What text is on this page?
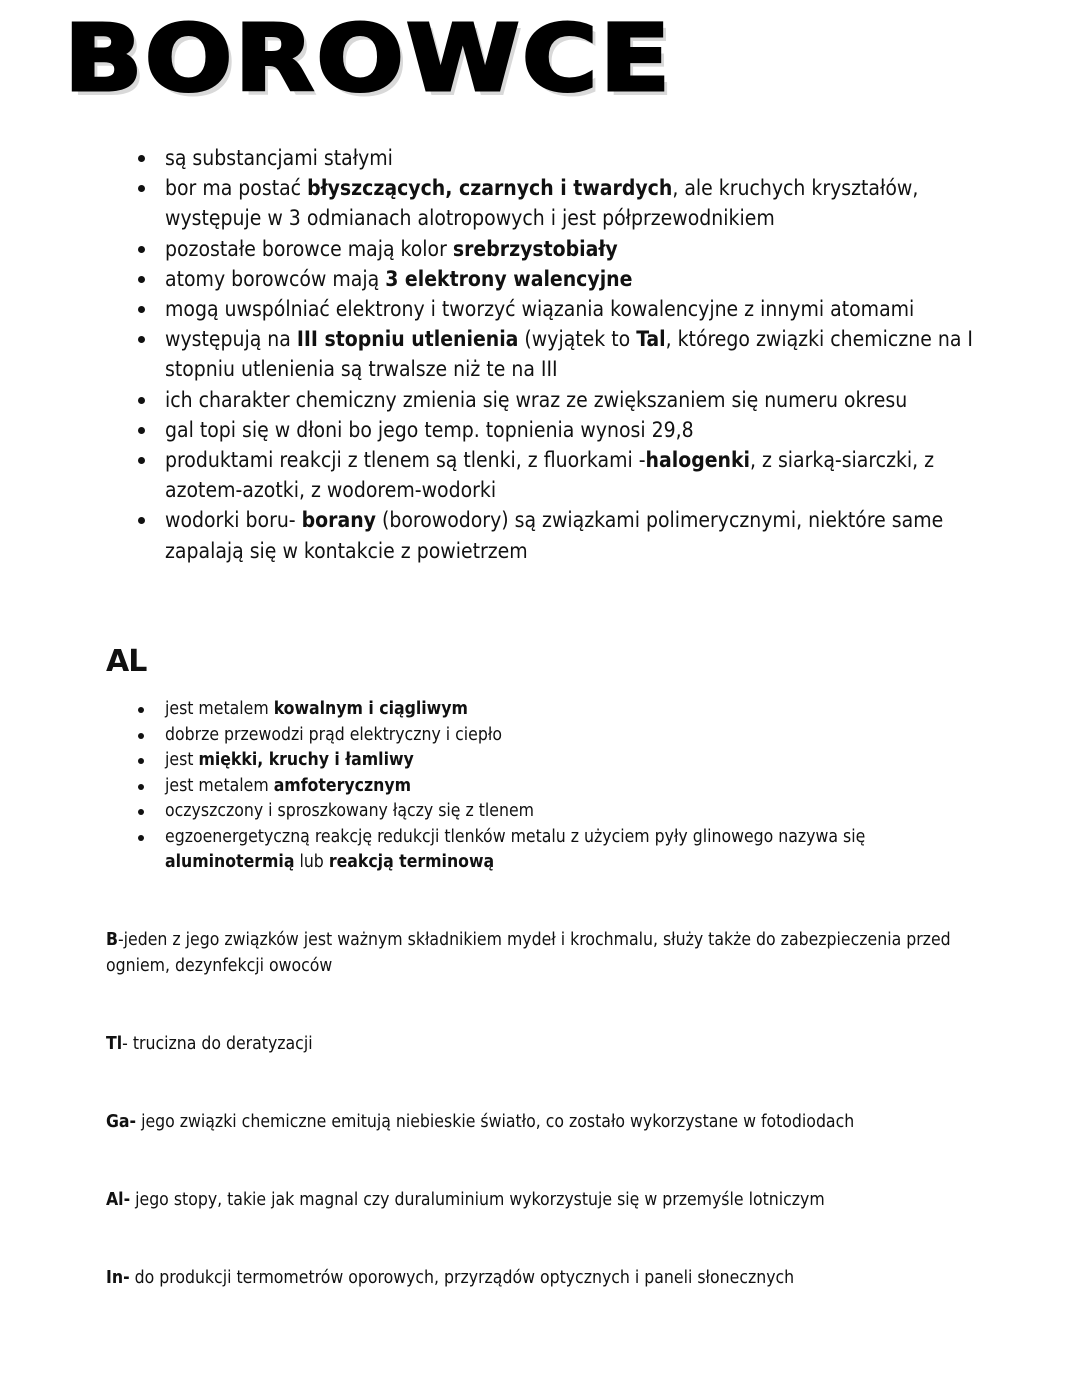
BOROWCE
są substancjami stałymi
bor ma postać błyszczących, czarnych i twardych, ale kruchych kryształów, występuje w 3 odmianach alotropowych i jest półprzewodnikiem
pozostałe borowce mają kolor srebrzystobiały
atomy borowców mają 3 elektrony walencyjne
mogą uwspólniać elektrony i tworzyć wiązania kowalencyjne z innymi atomami
występują na III stopniu utlenienia (wyjątek to Tal, którego związki chemiczne na I stopniu utlenienia są trwalsze niż te na III
ich charakter chemiczny zmienia się wraz ze zwiększaniem się numeru okresu
gal topi się w dłoni bo jego temp. topnienia wynosi 29,8
produktami reakcji z tlenem są tlenki, z fluorkami -halogenki, z siarką-siarczki, z azotem-azotki, z wodorem-wodorki
wodorki boru- borany (borowodory) są związkami polimerycznymi, niektóre same zapalają się w kontakcie z powietrzem
AL
jest metalem kowalnym i ciągliwym
dobrze przewodzi prąd elektryczny i ciepło
jest miękki, kruchy i łamliwy
jest metalem amfoterycznym
oczyszczony i sproszkowany łączy się z tlenem
egzoenergetyczną reakcję redukcji tlenków metalu z użyciem pyły glinowego nazywa się aluminotermią lub reakcją terminową
B-jeden z jego związków jest ważnym składnikiem mydeł i krochmalu, służy także do zabezpieczenia przed ogniem, dezynfekcji owoców
Tl- trucizna do deratyzacji
Ga- jego związki chemiczne emitują niebieskie światło, co zostało wykorzystane w fotodiodach
Al- jego stopy, takie jak magnal czy duraluminium wykorzystuje się w przemyśle lotniczym
In- do produkcji termometrów oporowych, przyrządów optycznych i paneli słonecznych
